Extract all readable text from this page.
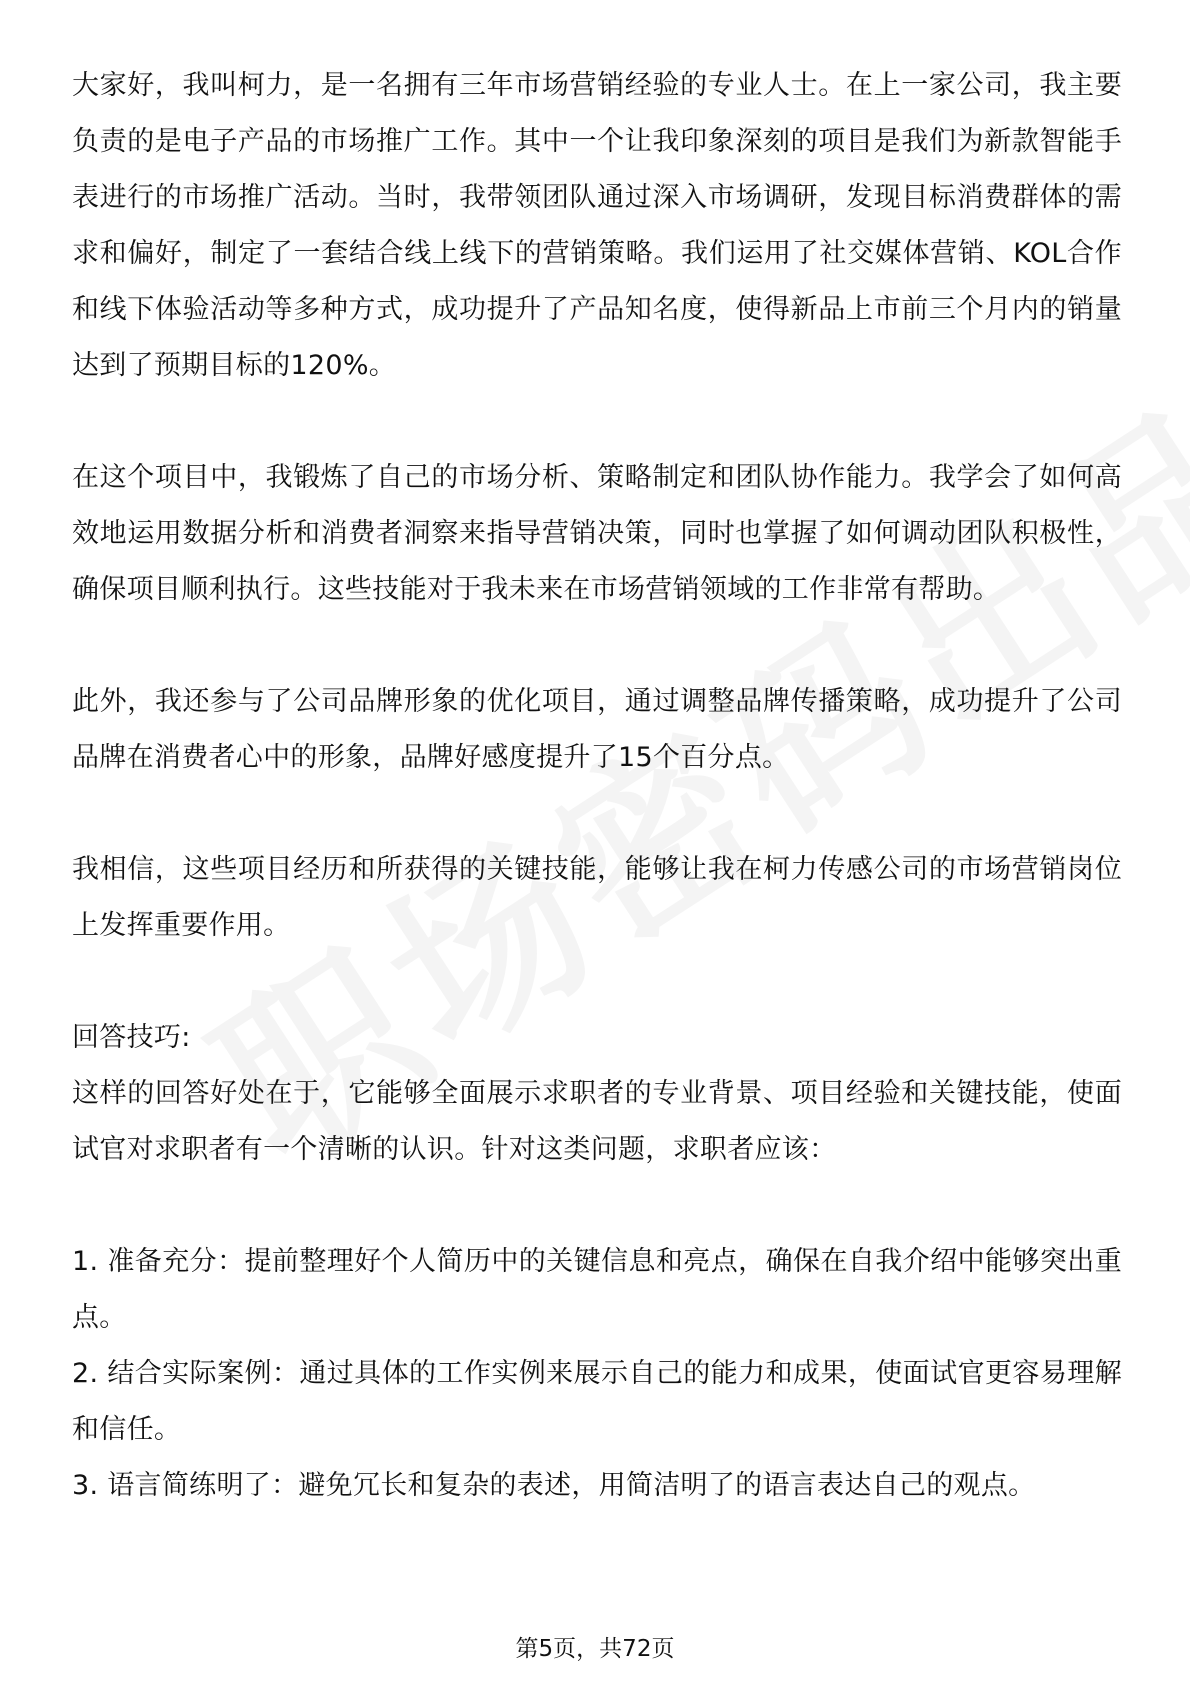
大家好，我叫柯力，是一名拥有三年市场营销经验的专业人士。在上一家公司，我主要负责的是电子产品的市场推广工作。其中一个让我印象深刻的项目是我们为新款智能手表进行的市场推广活动。当时，我带领团队通过深入市场调研，发现目标消费群体的需求和偏好，制定了一套结合线上线下的营销策略。我们运用了社交媒体营销、KOL合作和线下体验活动等多种方式，成功提升了产品知名度，使得新品上市前三个月内的销量达到了预期目标的120%。

在这个项目中，我锻炼了自己的市场分析、策略制定和团队协作能力。我学会了如何高效地运用数据分析和消费者洞察来指导营销决策，同时也掌握了如何调动团队积极性，确保项目顺利执行。这些技能对于我未来在市场营销领域的工作非常有帮助。

此外，我还参与了公司品牌形象的优化项目，通过调整品牌传播策略，成功提升了公司品牌在消费者心中的形象，品牌好感度提升了15个百分点。

我相信，这些项目经历和所获得的关键技能，能够让我在柯力传感公司的市场营销岗位上发挥重要作用。

回答技巧:

这样的回答好处在于，它能够全面展示求职者的专业背景、项目经验和关键技能，使面试官对求职者有一个清晰的认识。针对这类问题，求职者应该：

1. 准备充分：提前整理好个人简历中的关键信息和亮点，确保在自我介绍中能够突出重点。

2. 结合实际案例：通过具体的工作实例来展示自己的能力和成果，使面试官更容易理解和信任。

3. 语言简练明了：避免冗长和复杂的表述，用简洁明了的语言表达自己的观点。

第5页，共72页
